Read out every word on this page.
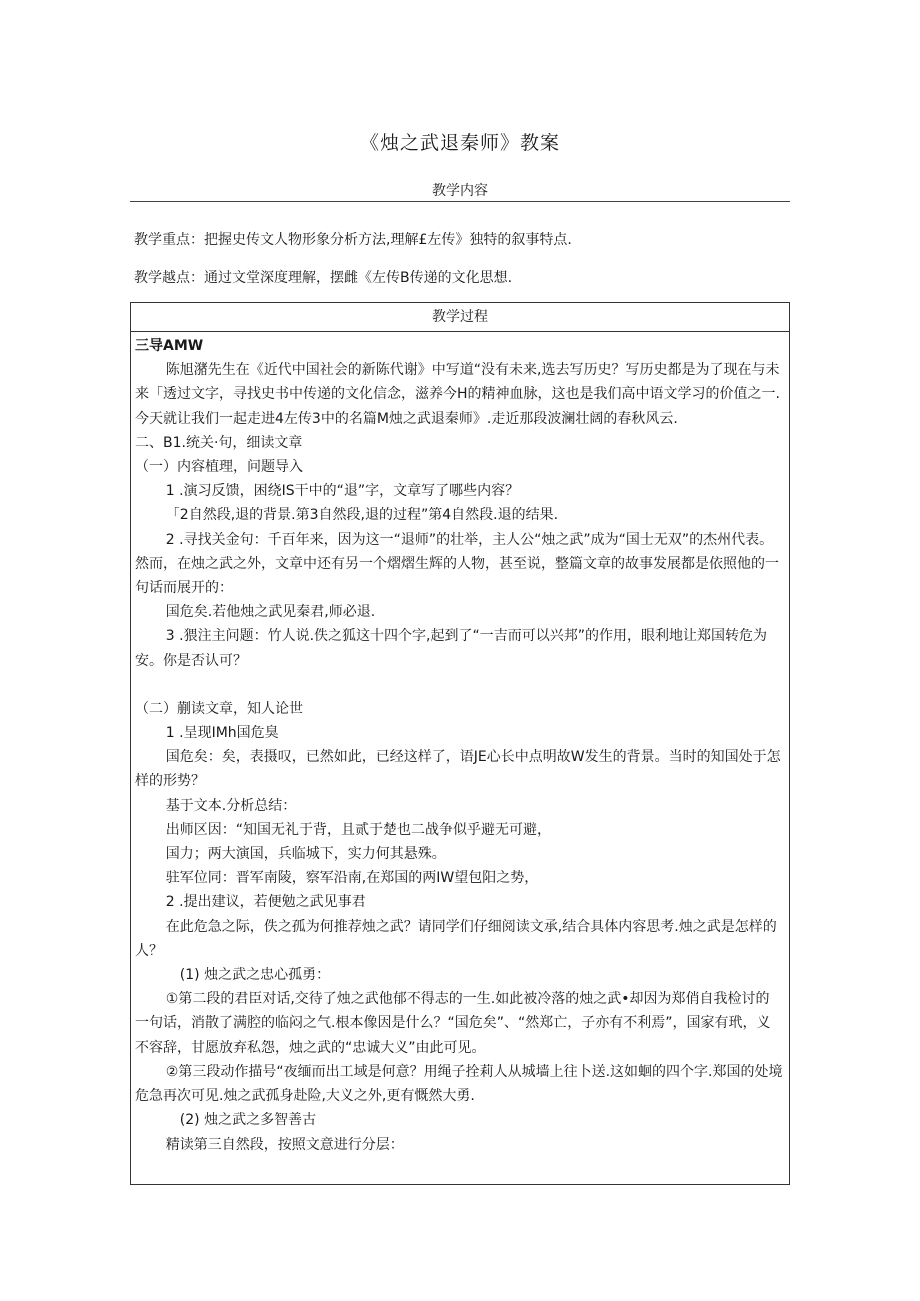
《烛之武退秦师》教案
教学内容
教学重点：把握史传文人物形象分析方法,理解£左传》独特的叙事特点.
教学越点：通过文堂深度理解，摆雌《左传B传递的文化思想.
教学过程

三导AMW

陈旭潴先生在《近代中国社会的新陈代谢》中写道“没有未来,选去写历史？写历史都是为了现在与未来「透过文字，寻找史书中传递的文化信念，滋养今H的精神血脉，这也是我们高中语文学习的价值之一.今天就让我们一起走进4左传3中的名篇M烛之武退秦师》.走近那段波澜壮阔的春秋风云.

二、B1.统关·句，细读文章

（一）内容植理，问题导入

1 .演习反馈，困绕IS干中的“退”字，文章写了哪些内容？

「2自然段,退的背景.第3自然段,退的过程”第4自然段.退的结果.

2 .寻找关金句：千百年来，因为这一“退师”的壮举，主人公“烛之武”成为“国士无双”的杰州代表。然而，在烛之武之外，文章中还有另一个熠熠生辉的人物，甚至说，整篇文章的故事发展都是依照他的一句话而展开的：

国危矣.若他烛之武见秦君,师必退.

3 .猥注主问题：竹人说.佚之狐这十四个字,起到了“一吉而可以兴邦”的作用，眼利地让郑国转危为安。你是否认可？

（二）蒯读文章，知人论世

1 .呈现IMh国危臭

国危矣：矣，表摄叹，已然如此，已经这样了，语JE心长中点明故W发生的背景。当时的知国处于怎样的形势？

基于文本.分析总结：

出师区因：“知国无礼于背，且贰于楚也二战争似乎避无可避，

国力；两大演国，兵临城下，实力何其悬殊。

驻军位同：晋军南陵，察军沿南,在郑国的两IW望包阳之势，

2 .提出建议，若便勉之武见事君

在此危急之际，佚之孤为何推荐烛之武？请同学们仔细阅读文承,结合具体内容思考.烛之武是怎样的人？

(1) 烛之武之忠心孤勇：

①第二段的君臣对话,交待了烛之武他郁不得志的一生.如此被冷落的烛之武•却因为郑俏自我检讨的一句话，消散了满腔的临闷之气.根本像因是什么？“国危矣”、“然郑亡，子亦有不利焉”，国家有玳，义不容辞，甘愿放弃私怨，烛之武的“忠诚大义”由此可见。

②第三段动作描号“夜缅而出工域是何意？用绳子拴莉人从城墙上往卜送.这如蛔的四个字.郑国的处境危急再次可见.烛之武孤身赴险,大义之外,更有慨然大勇.

(2) 烛之武之多智善古

精读第三自然段，按照文意进行分层：
